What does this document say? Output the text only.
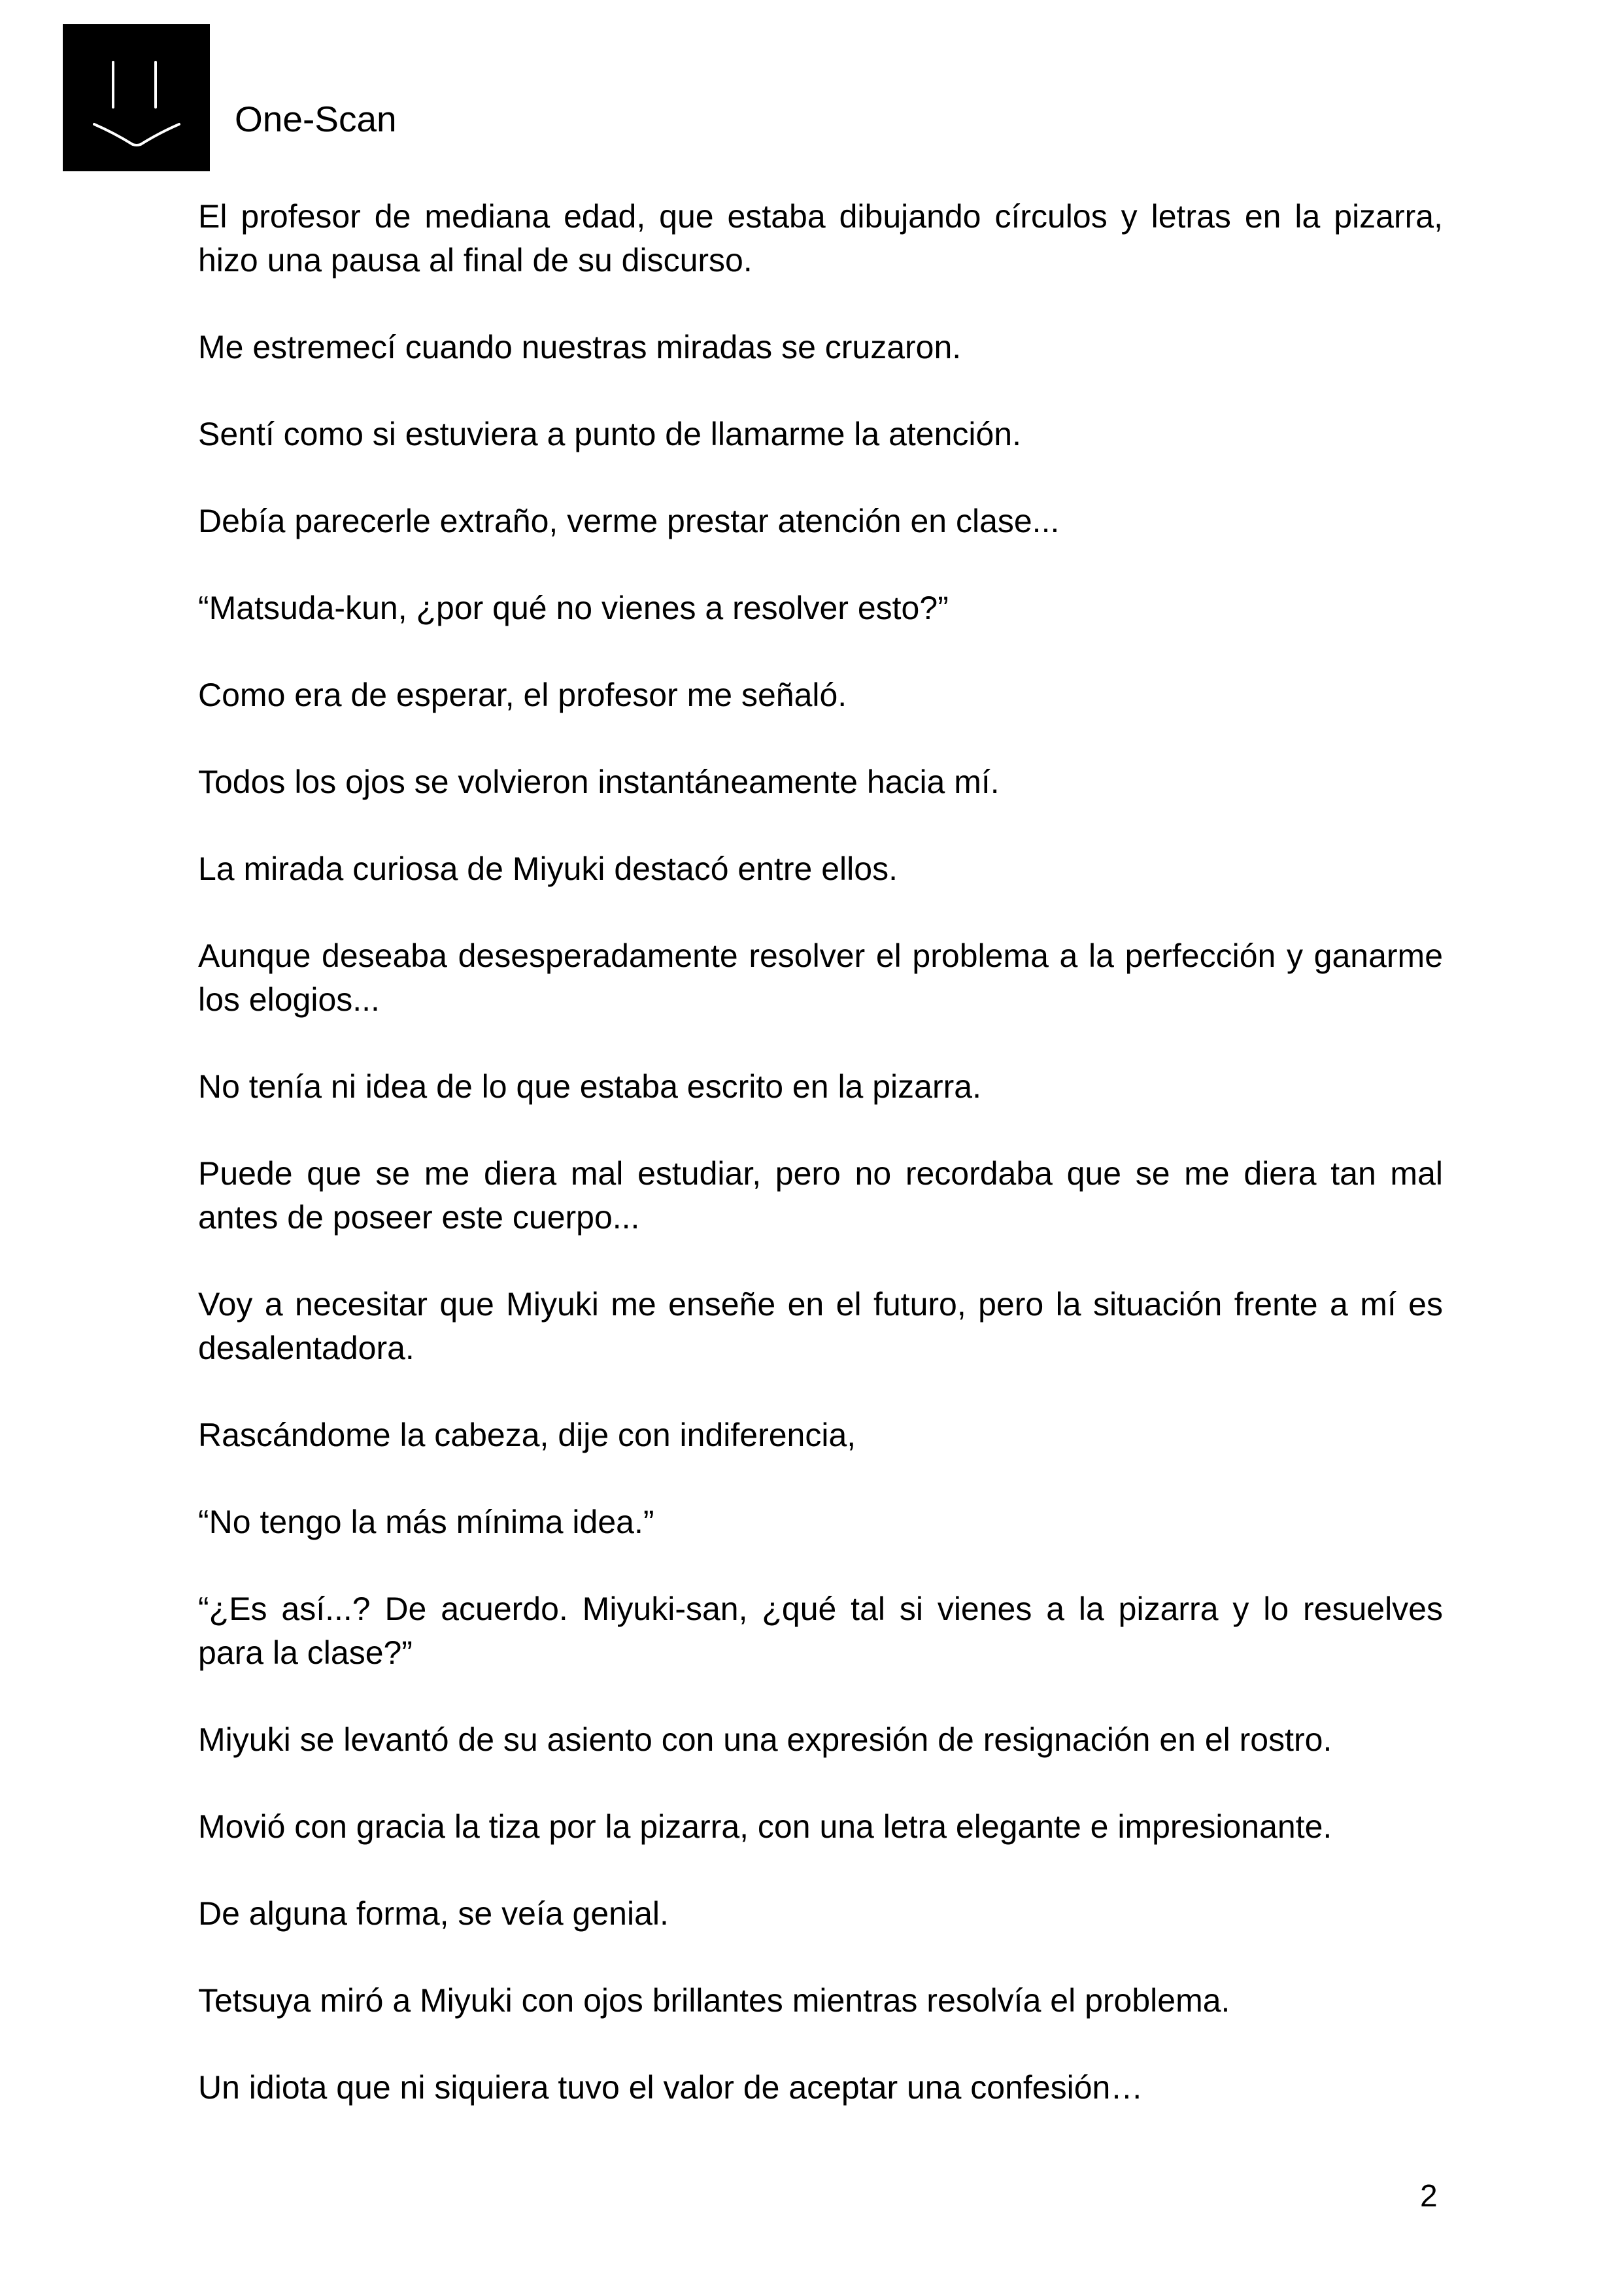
One-Scan

El profesor de mediana edad, que estaba dibujando círculos y letras en la pizarra, hizo una pausa al final de su discurso.

Me estremecí cuando nuestras miradas se cruzaron.

Sentí como si estuviera a punto de llamarme la atención.

Debía parecerle extraño, verme prestar atención en clase...

“Matsuda-kun, ¿por qué no vienes a resolver esto?”

Como era de esperar, el profesor me señaló.

Todos los ojos se volvieron instantáneamente hacia mí.

La mirada curiosa de Miyuki destacó entre ellos.

Aunque deseaba desesperadamente resolver el problema a la perfección y ganarme los elogios...

No tenía ni idea de lo que estaba escrito en la pizarra.

Puede que se me diera mal estudiar, pero no recordaba que se me diera tan mal antes de poseer este cuerpo...

Voy a necesitar que Miyuki me enseñe en el futuro, pero la situación frente a mí es desalentadora.

Rascándome la cabeza, dije con indiferencia,

“No tengo la más mínima idea.”

“¿Es así...? De acuerdo. Miyuki-san, ¿qué tal si vienes a la pizarra y lo resuelves para la clase?”

Miyuki se levantó de su asiento con una expresión de resignación en el rostro.

Movió con gracia la tiza por la pizarra, con una letra elegante e impresionante.

De alguna forma, se veía genial.

Tetsuya miró a Miyuki con ojos brillantes mientras resolvía el problema.

Un idiota que ni siquiera tuvo el valor de aceptar una confesión…

2
